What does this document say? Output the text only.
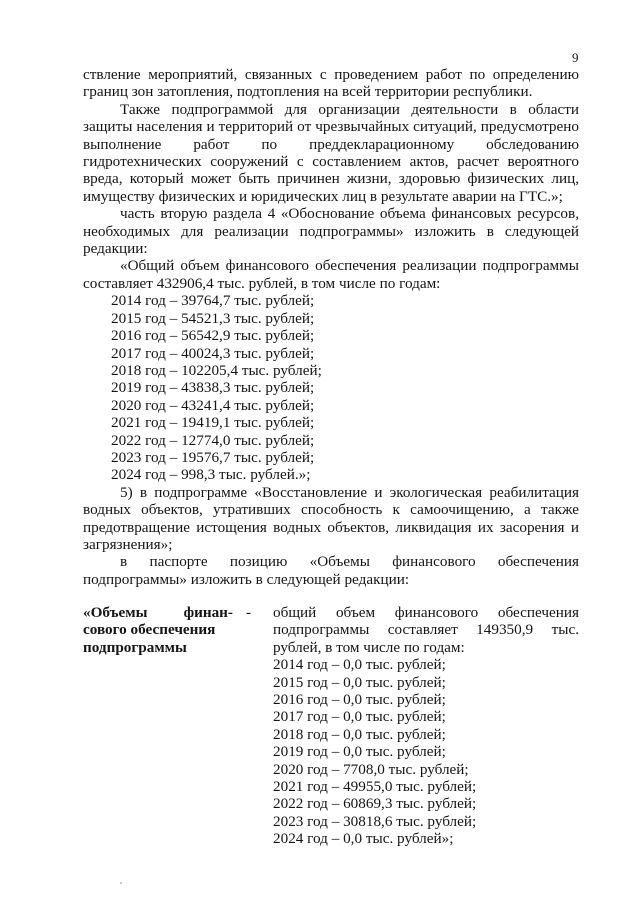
9

ствление мероприятий, связанных с проведением работ по определению границ зон затопления, подтопления на всей территории республики.

Также подпрограммой для организации деятельности в области защиты населения и территорий от чрезвычайных ситуаций, предусмотрено выполнение работ по преддекларационному обследованию гидротехнических сооружений с составлением актов, расчет вероятного вреда, который может быть причинен жизни, здоровью физических лиц, имуществу физических и юридических лиц в результате аварии на ГТС.»;

часть вторую раздела 4 «Обоснование объема финансовых ресурсов, необходимых для реализации подпрограммы» изложить в следующей редакции:

«Общий объем финансового обеспечения реализации подпрограммы составляет 432906,4 тыс. рублей, в том числе по годам:

2014 год – 39764,7 тыс. рублей;
2015 год – 54521,3 тыс. рублей;
2016 год – 56542,9 тыс. рублей;
2017 год – 40024,3 тыс. рублей;
2018 год – 102205,4 тыс. рублей;
2019 год – 43838,3 тыс. рублей;
2020 год – 43241,4 тыс. рублей;
2021 год – 19419,1 тыс. рублей;
2022 год – 12774,0 тыс. рублей;
2023 год – 19576,7 тыс. рублей;
2024 год – 998,3 тыс. рублей.»;

5) в подпрограмме «Восстановление и экологическая реабилитация водных объектов, утративших способность к самоочищению, а также предотвращение истощения водных объектов, ликвидация их засорения и загрязнения»;

в паспорте позицию «Объемы финансового обеспечения подпрограммы» изложить в следующей редакции:

«Объемы финан-
сового обеспечения
подпрограммы
- общий объем финансового обеспечения подпрограммы составляет 149350,9 тыс. рублей, в том числе по годам:

2014 год – 0,0 тыс. рублей;
2015 год – 0,0 тыс. рублей;
2016 год – 0,0 тыс. рублей;
2017 год – 0,0 тыс. рублей;
2018 год – 0,0 тыс. рублей;
2019 год – 0,0 тыс. рублей;
2020 год – 7708,0 тыс. рублей;
2021 год – 49955,0 тыс. рублей;
2022 год – 60869,3 тыс. рублей;
2023 год – 30818,6 тыс. рублей;
2024 год – 0,0 тыс. рублей»;
